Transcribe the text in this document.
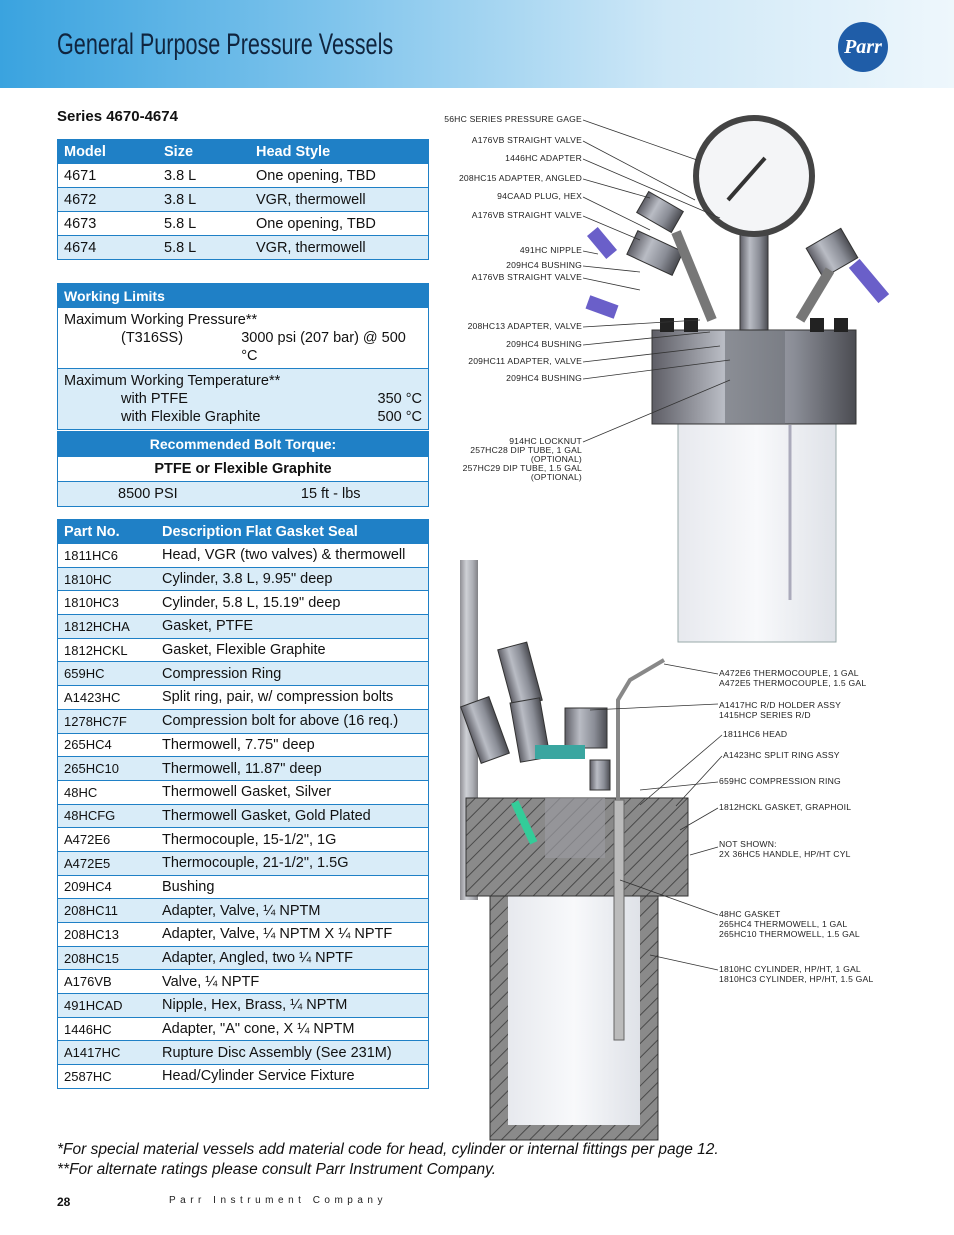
General Purpose Pressure Vessels	Parr
Series 4670-4674
Model	Size	Head Style
4671	3.8 L	One opening, TBD
4672	3.8 L	VGR, thermowell
4673	5.8 L	One opening, TBD
4674	5.8 L	VGR, thermowell
Working Limits

Maximum Working Pressure**
(T316SS)	3000 psi (207 bar) @ 500 °C

Maximum Working Temperature**
with PTFE	350 °C
with Flexible Graphite	500 °C
Recommended Bolt Torque:
PTFE or Flexible Graphite
8500 PSI	15 ft - lbs
Part No.	Description Flat Gasket Seal
1811HC6	Head, VGR (two valves) & thermowell
1810HC	Cylinder, 3.8 L, 9.95" deep
1810HC3	Cylinder, 5.8 L, 15.19" deep
1812HCHA	Gasket, PTFE
1812HCKL	Gasket, Flexible Graphite
659HC	Compression Ring
A1423HC	Split ring, pair, w/ compression bolts
1278HC7F	Compression bolt for above (16 req.)
265HC4	Thermowell, 7.75" deep
265HC10	Thermowell, 11.87" deep
48HC	Thermowell Gasket, Silver
48HCFG	Thermowell Gasket, Gold Plated
A472E6	Thermocouple, 15-1/2", 1G
A472E5	Thermocouple, 21-1/2", 1.5G
209HC4	Bushing
208HC11	Adapter, Valve, ¼ NPTM
208HC13	Adapter, Valve, ¼ NPTM X ¼ NPTF
208HC15	Adapter, Angled, two ¼ NPTF
A176VB	Valve, ¼ NPTF
491HCAD	Nipple, Hex, Brass, ¼ NPTM
1446HC	Adapter, "A" cone, X ¼ NPTM
A1417HC	Rupture Disc Assembly (See 231M)
2587HC	Head/Cylinder Service Fixture
56HC SERIES PRESSURE GAGE
A176VB STRAIGHT VALVE
1446HC ADAPTER
208HC15 ADAPTER, ANGLED
94CAAD PLUG, HEX
A176VB STRAIGHT VALVE
491HC NIPPLE
209HC4 BUSHING
A176VB STRAIGHT VALVE
208HC13 ADAPTER, VALVE
209HC4 BUSHING
209HC11 ADAPTER, VALVE
209HC4 BUSHING
914HC LOCKNUT
257HC28 DIP TUBE, 1 GAL
(OPTIONAL)
257HC29 DIP TUBE, 1.5 GAL
(OPTIONAL)
A472E6 THERMOCOUPLE, 1 GAL
A472E5 THERMOCOUPLE, 1.5 GAL
A1417HC R/D HOLDER ASSY
1415HCP SERIES R/D
1811HC6 HEAD
A1423HC SPLIT RING ASSY
659HC COMPRESSION RING
1812HCKL GASKET, GRAPHOIL
NOT SHOWN:
2X 36HC5 HANDLE, HP/HT CYL
48HC GASKET
265HC4 THERMOWELL, 1 GAL
265HC10 THERMOWELL, 1.5 GAL
1810HC CYLINDER, HP/HT, 1 GAL
1810HC3 CYLINDER, HP/HT, 1.5 GAL
*For special material vessels add material code for head, cylinder or internal fittings per page 12.
**For alternate ratings please consult Parr Instrument Company.
28	Parr Instrument Company
